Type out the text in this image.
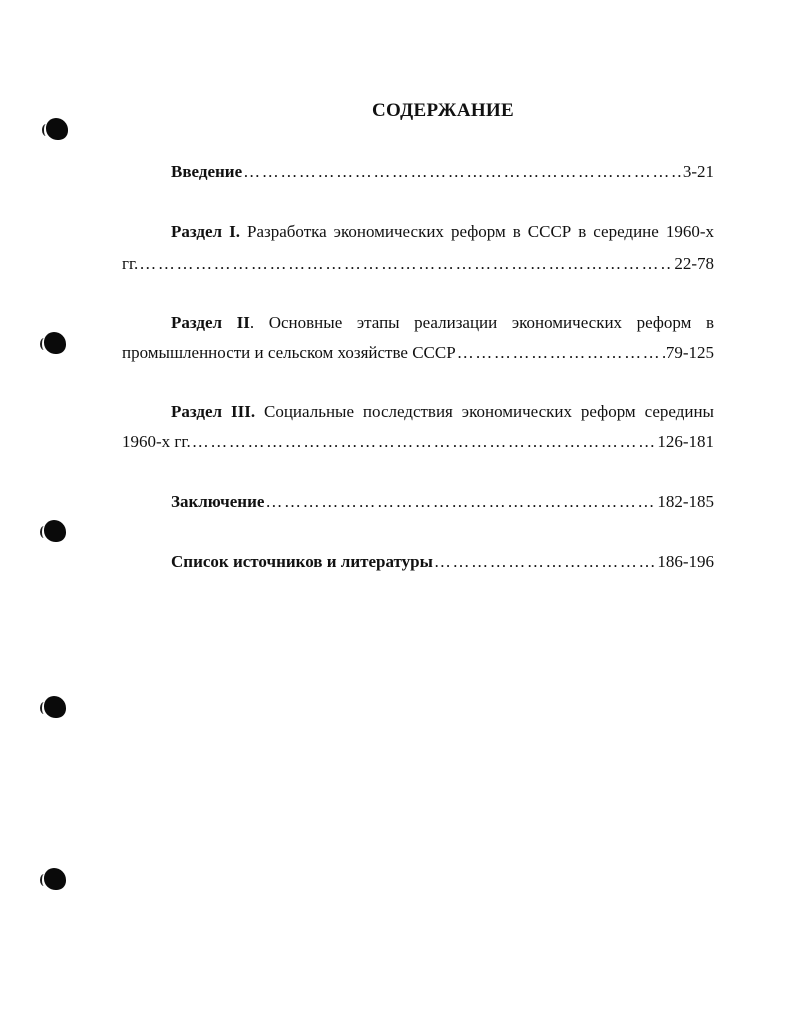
СОДЕРЖАНИЕ
Введение ……………………………………………………………………………………………………………………………………………………………	3-21
Раздел I. Разработка экономических реформ в СССР в середине 1960-х
гг. ……………………………………………………………………………………………………………………………………………………………	22-78
Раздел II. Основные этапы реализации экономических реформ в
промышленности и сельском хозяйстве СССР ……………………………………………………………………………………………………………………………………………………………	79-125
Раздел III. Социальные последствия экономических реформ середины
1960-х гг. ……………………………………………………………………………………………………………………………………………………………	126-181
Заключение ……………………………………………………………………………………………………………………………………………………………	182-185
Список источников и литературы ……………………………………………………………………………………………………………………………………………………………	186-196
